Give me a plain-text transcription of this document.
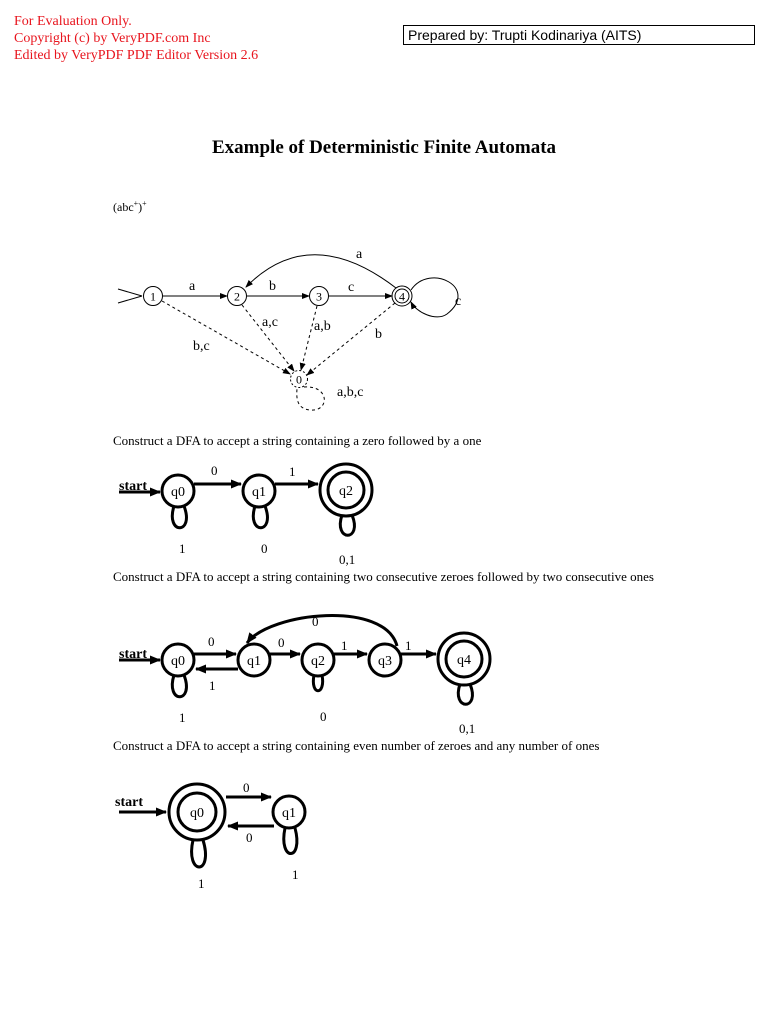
For Evaluation Only.
Copyright (c) by VeryPDF.com Inc
Edited by VeryPDF PDF Editor Version 2.6
Prepared by: Trupti Kodinariya (AITS)
Example of Deterministic Finite Automata
(abc+)+
1	2	3	4
0
a	b	c
a
c
b,c
a,c	a,b
b
a,b,c
Construct a DFA to accept a string containing a zero followed by a one
start q0	q1	q2
0	1
1	0
0,1
Construct a DFA to accept a string containing two consecutive zeroes followed by two consecutive ones
start q0	q1	q2	q3	q4
0
1
0	1	1
0
1	0
0,1
Construct a DFA to accept a string containing even number of zeroes and any number of ones
start
q0	q1
0
0
1
1
